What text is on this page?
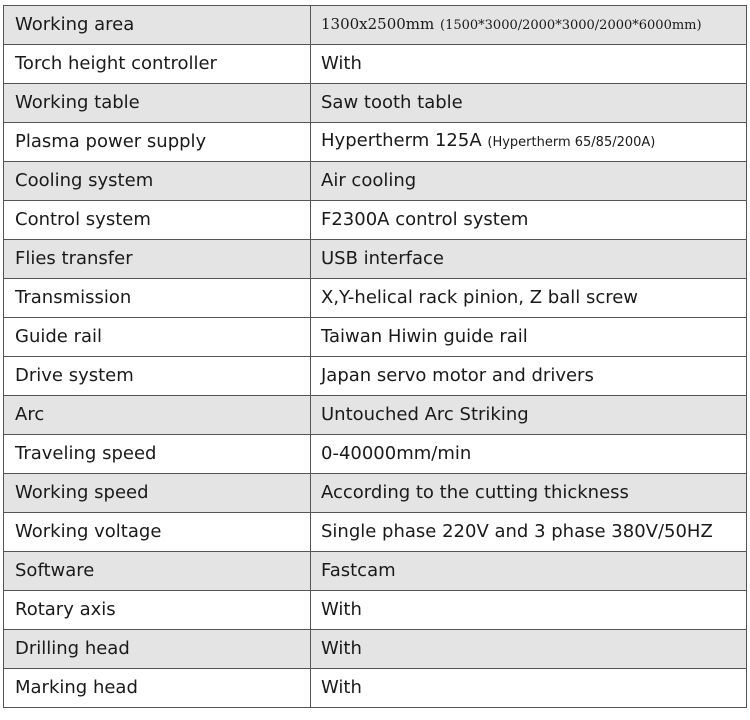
Working area	1300x2500mm (1500*3000/2000*3000/2000*6000mm)
Torch height controller	With
Working table	Saw tooth table
Plasma power supply	Hypertherm 125A (Hypertherm 65/85/200A)
Cooling system	Air cooling
Control system	F2300A control system
Flies transfer	USB interface
Transmission	X,Y-helical rack pinion, Z ball screw
Guide rail	Taiwan Hiwin guide rail
Drive system	Japan servo motor and drivers
Arc	Untouched Arc Striking
Traveling speed	0-40000mm/min
Working speed	According to the cutting thickness
Working voltage	Single phase 220V and 3 phase 380V/50HZ
Software	Fastcam
Rotary axis	With
Drilling head	With
Marking head	With
